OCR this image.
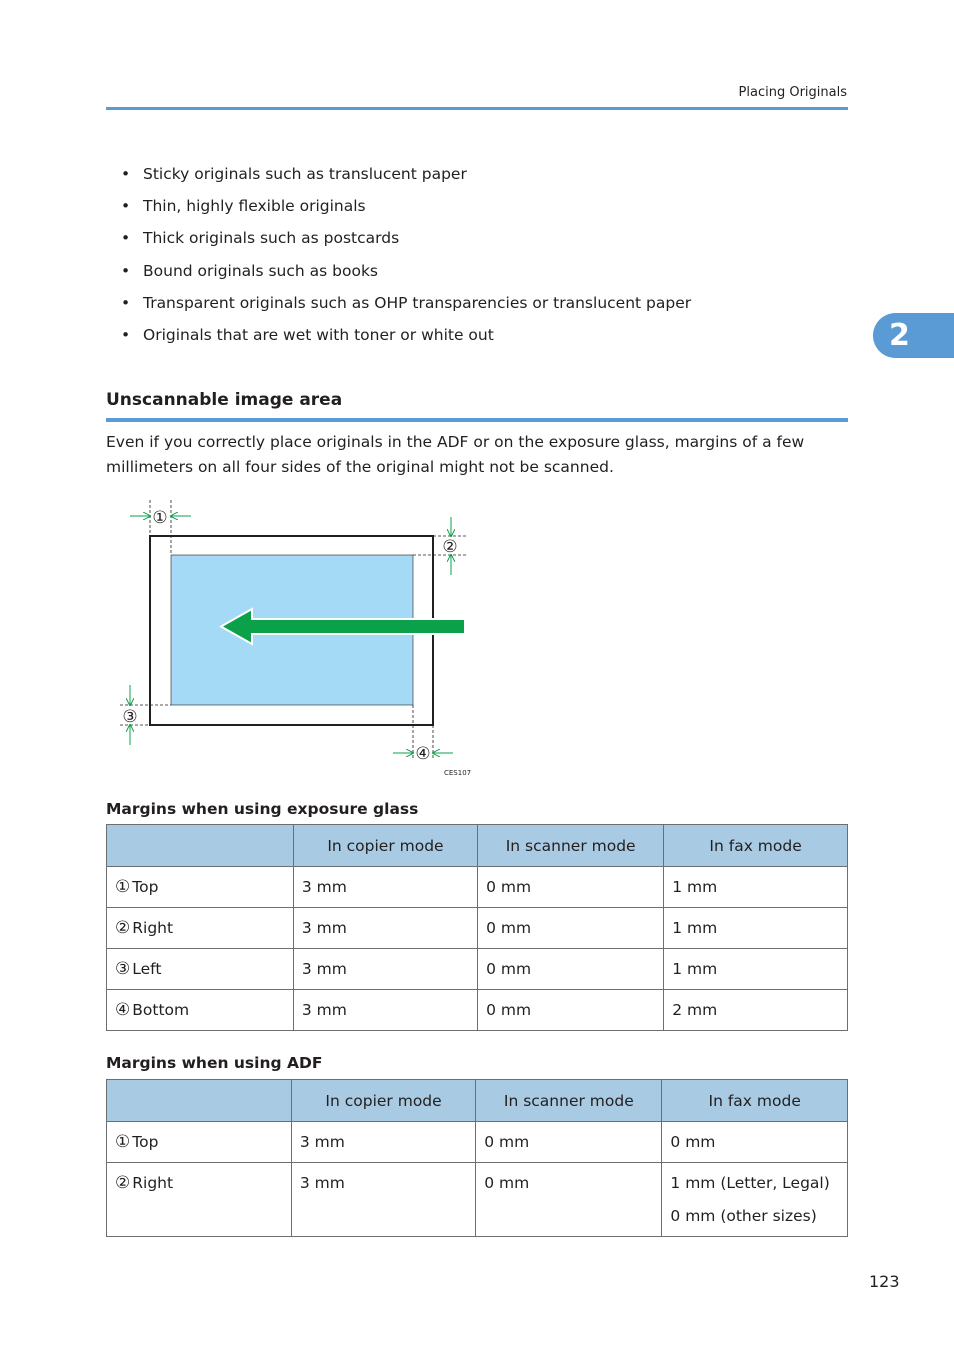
Placing Originals
2
• Sticky originals such as translucent paper
• Thin, highly flexible originals
• Thick originals such as postcards
• Bound originals such as books
• Transparent originals such as OHP transparencies or translucent paper
• Originals that are wet with toner or white out
Unscannable image area

Even if you correctly place originals in the ADF or on the exposure glass, margins of a few millimeters on all four sides of the original might not be scanned.

①
②
③
④
CES107
Margins when using exposure glass
	In copier mode	In scanner mode	In fax mode
① Top	3 mm	0 mm	1 mm
② Right	3 mm	0 mm	1 mm
③ Left	3 mm	0 mm	1 mm
④ Bottom	3 mm	0 mm	2 mm
Margins when using ADF
	In copier mode	In scanner mode	In fax mode
① Top	3 mm	0 mm	0 mm
② Right	3 mm	0 mm	1 mm (Letter, Legal)
0 mm (other sizes)
123
